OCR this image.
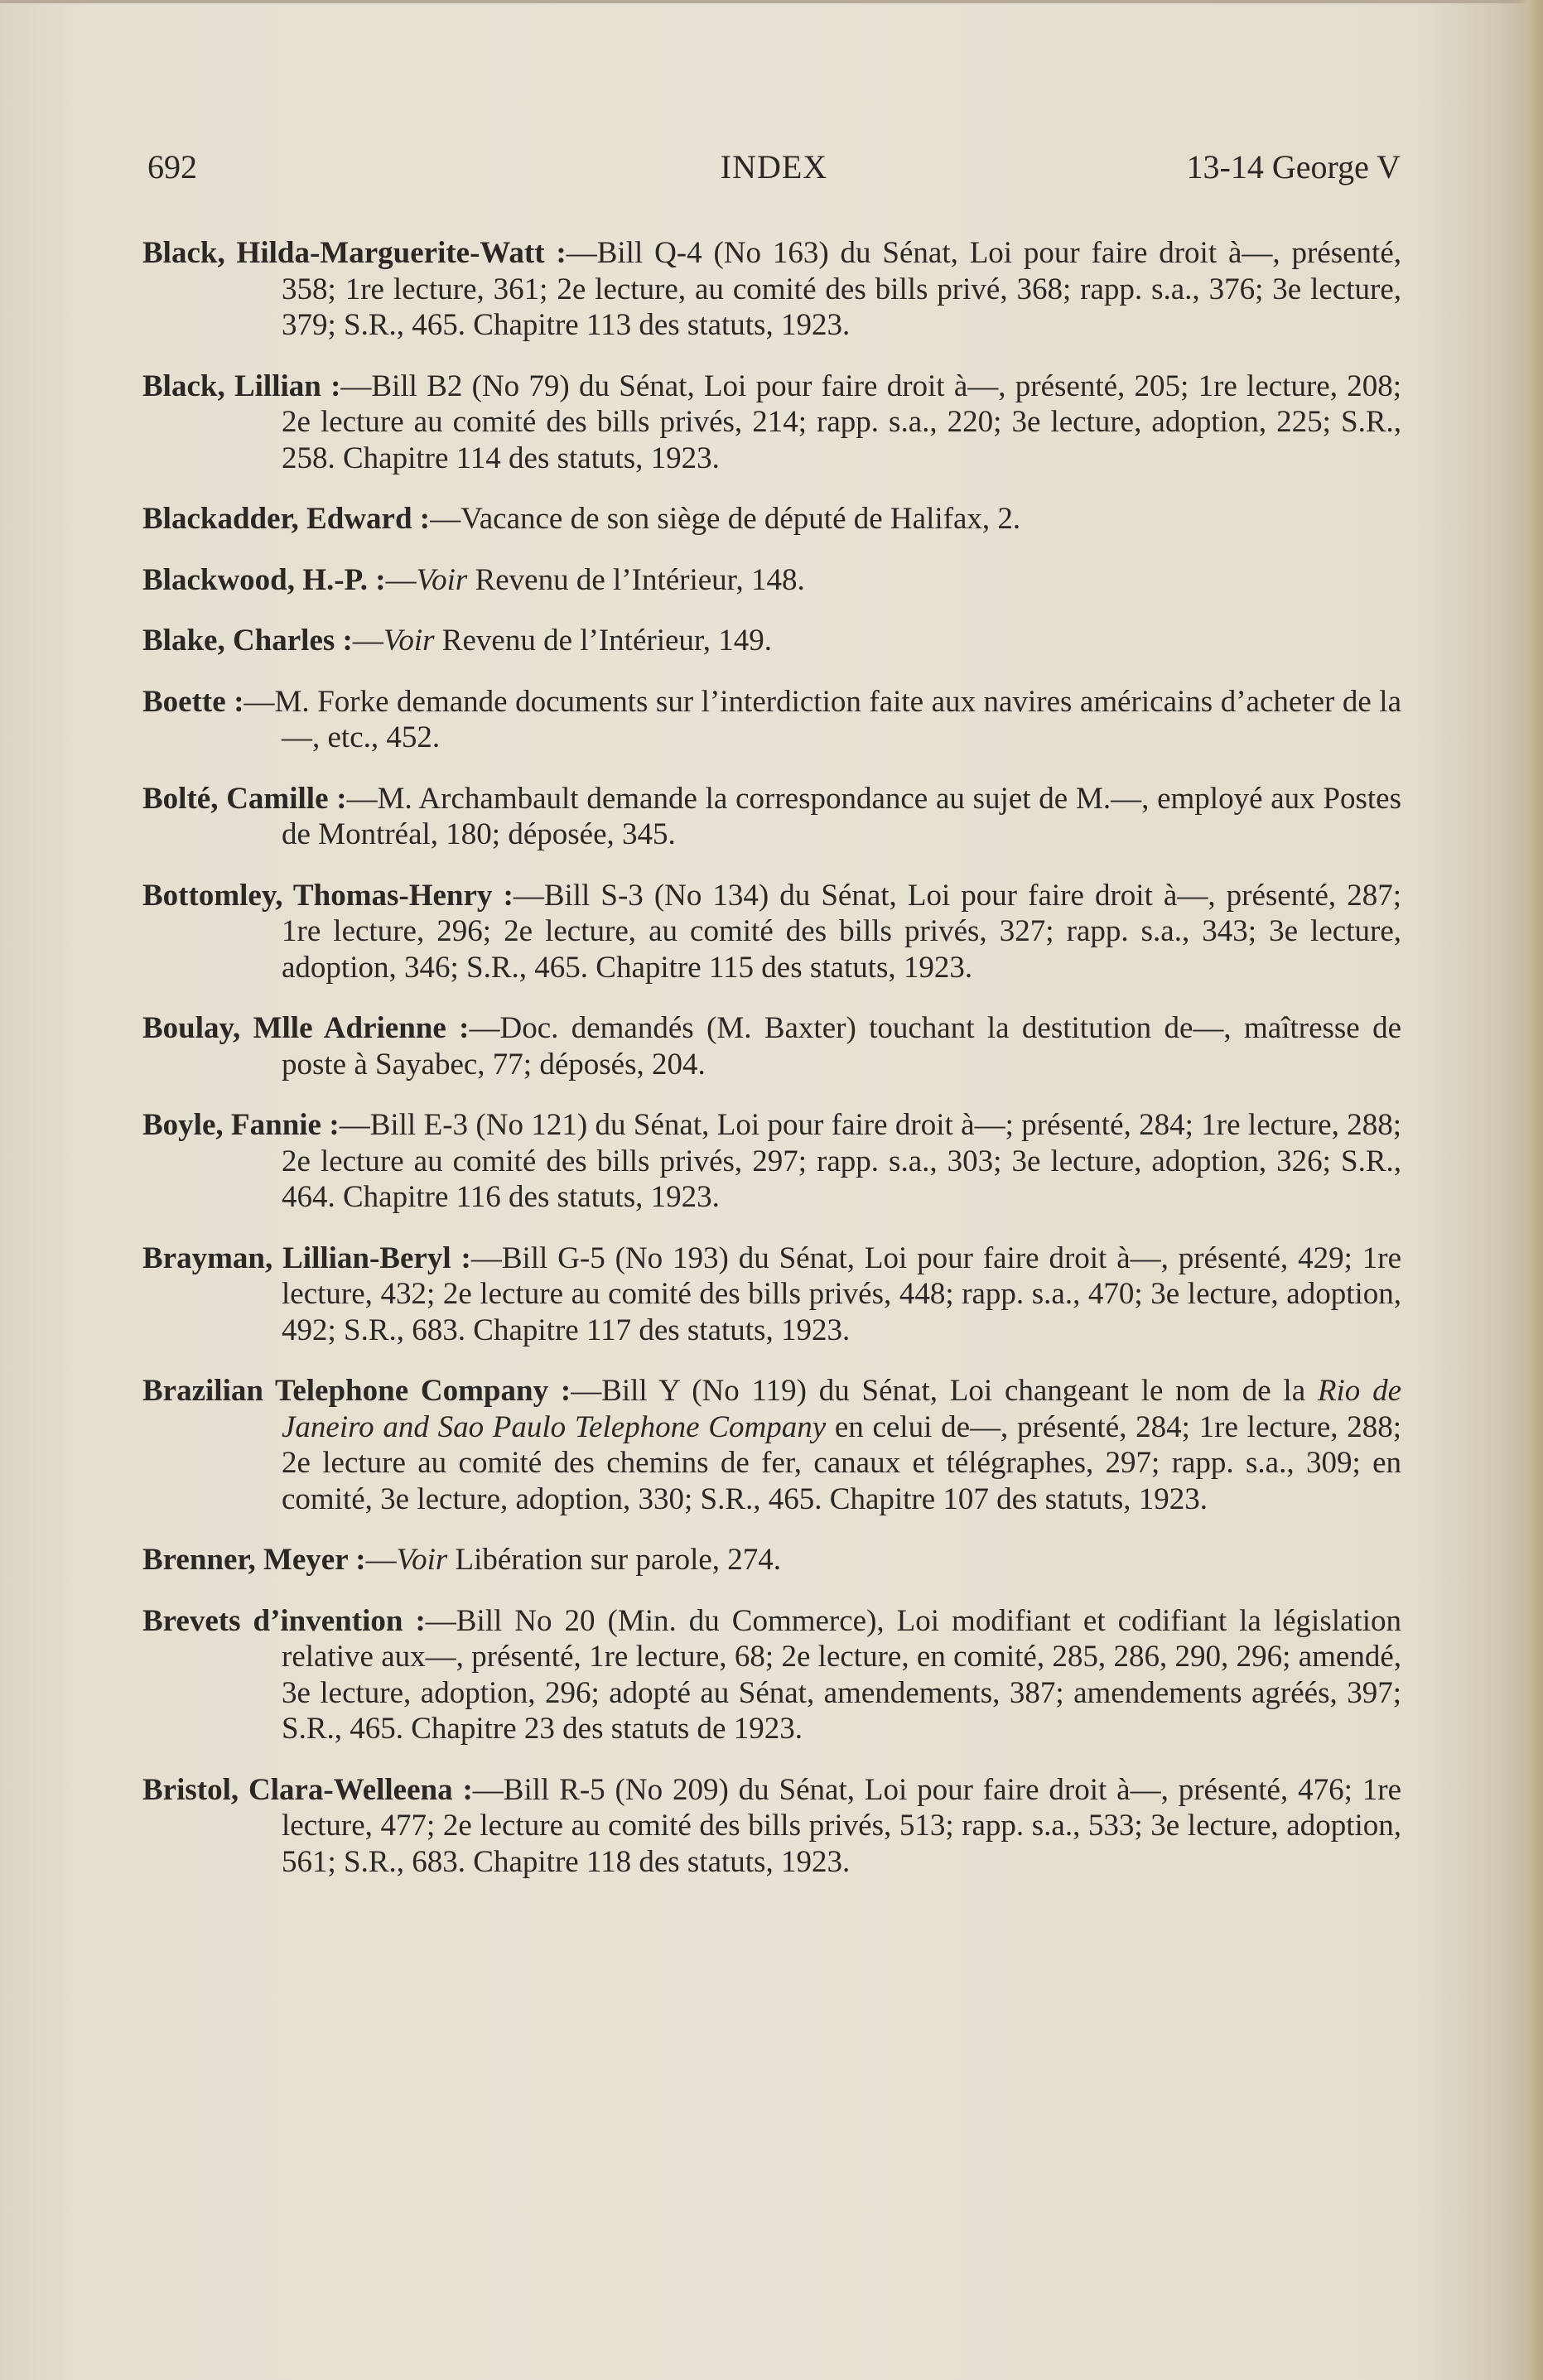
692	INDEX	13-14 George V

Black, Hilda-Marguerite-Watt :—Bill Q-4 (No 163) du Sénat, Loi pour faire droit à—, présenté, 358; 1re lecture, 361; 2e lecture, au comité des bills privé, 368; rapp. s.a., 376; 3e lecture, 379; S.R., 465. Chapitre 113 des statuts, 1923.

Black, Lillian :—Bill B2 (No 79) du Sénat, Loi pour faire droit à—, présenté, 205; 1re lecture, 208; 2e lecture au comité des bills privés, 214; rapp. s.a., 220; 3e lecture, adoption, 225; S.R., 258. Chapitre 114 des statuts, 1923.

Blackadder, Edward :—Vacance de son siège de député de Halifax, 2.

Blackwood, H.-P. :—Voir Revenu de l’Intérieur, 148.

Blake, Charles :—Voir Revenu de l’Intérieur, 149.

Boette :—M. Forke demande documents sur l’interdiction faite aux navires américains d’acheter de la—, etc., 452.

Bolté, Camille :—M. Archambault demande la correspondance au sujet de M.—, employé aux Postes de Montréal, 180; déposée, 345.

Bottomley, Thomas-Henry :—Bill S-3 (No 134) du Sénat, Loi pour faire droit à—, présenté, 287; 1re lecture, 296; 2e lecture, au comité des bills privés, 327; rapp. s.a., 343; 3e lecture, adoption, 346; S.R., 465. Chapitre 115 des statuts, 1923.

Boulay, Mlle Adrienne :—Doc. demandés (M. Baxter) touchant la destitution de—, maîtresse de poste à Sayabec, 77; déposés, 204.

Boyle, Fannie :—Bill E-3 (No 121) du Sénat, Loi pour faire droit à—; présenté, 284; 1re lecture, 288; 2e lecture au comité des bills privés, 297; rapp. s.a., 303; 3e lecture, adoption, 326; S.R., 464. Chapitre 116 des statuts, 1923.

Brayman, Lillian-Beryl :—Bill G-5 (No 193) du Sénat, Loi pour faire droit à—, présenté, 429; 1re lecture, 432; 2e lecture au comité des bills privés, 448; rapp. s.a., 470; 3e lecture, adoption, 492; S.R., 683. Chapitre 117 des statuts, 1923.

Brazilian Telephone Company :—Bill Y (No 119) du Sénat, Loi changeant le nom de la Rio de Janeiro and Sao Paulo Telephone Company en celui de—, présenté, 284; 1re lecture, 288; 2e lecture au comité des chemins de fer, canaux et télégraphes, 297; rapp. s.a., 309; en comité, 3e lecture, adoption, 330; S.R., 465. Chapitre 107 des statuts, 1923.

Brenner, Meyer :—Voir Libération sur parole, 274.

Brevets d’invention :—Bill No 20 (Min. du Commerce), Loi modifiant et codifiant la législation relative aux—, présenté, 1re lecture, 68; 2e lecture, en comité, 285, 286, 290, 296; amendé, 3e lecture, adoption, 296; adopté au Sénat, amendements, 387; amendements agréés, 397; S.R., 465. Chapitre 23 des statuts de 1923.

Bristol, Clara-Welleena :—Bill R-5 (No 209) du Sénat, Loi pour faire droit à—, présenté, 476; 1re lecture, 477; 2e lecture au comité des bills privés, 513; rapp. s.a., 533; 3e lecture, adoption, 561; S.R., 683. Chapitre 118 des statuts, 1923.
